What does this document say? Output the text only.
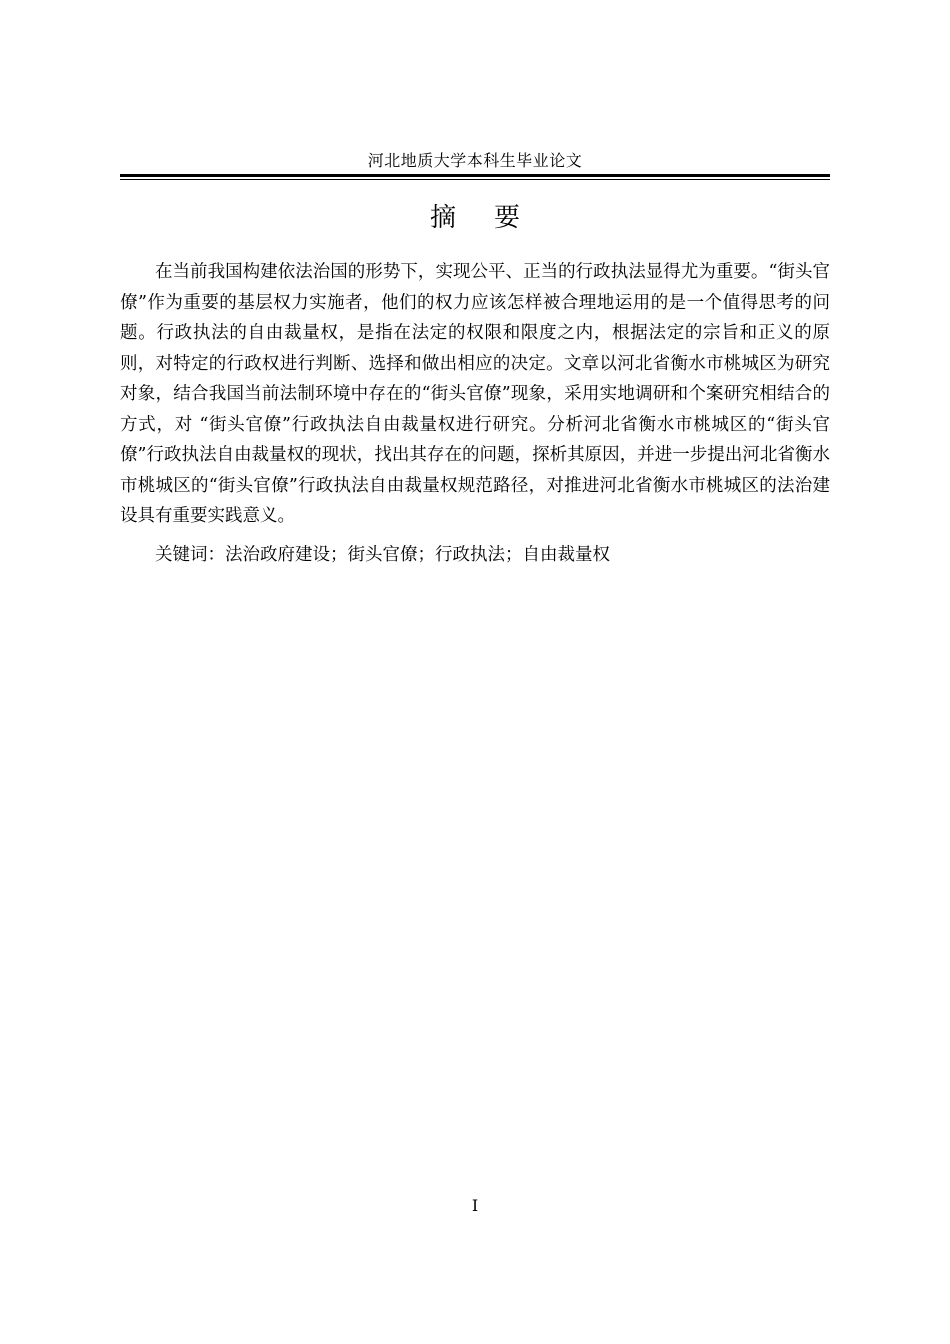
河北地质大学本科生毕业论文
摘要

在当前我国构建依法治国的形势下，实现公平、正当的行政执法显得尤为重要。“街头官僚”作为重要的基层权力实施者，他们的权力应该怎样被合理地运用的是一个值得思考的问题。行政执法的自由裁量权，是指在法定的权限和限度之内，根据法定的宗旨和正义的原则，对特定的行政权进行判断、选择和做出相应的决定。文章以河北省衡水市桃城区为研究对象，结合我国当前法制环境中存在的“街头官僚”现象，采用实地调研和个案研究相结合的方式，对 “街头官僚”行政执法自由裁量权进行研究。分析河北省衡水市桃城区的“街头官僚”行政执法自由裁量权的现状，找出其存在的问题，探析其原因，并进一步提出河北省衡水市桃城区的“街头官僚”行政执法自由裁量权规范路径，对推进河北省衡水市桃城区的法治建设具有重要实践意义。

关键词：法治政府建设；街头官僚；行政执法；自由裁量权

I
